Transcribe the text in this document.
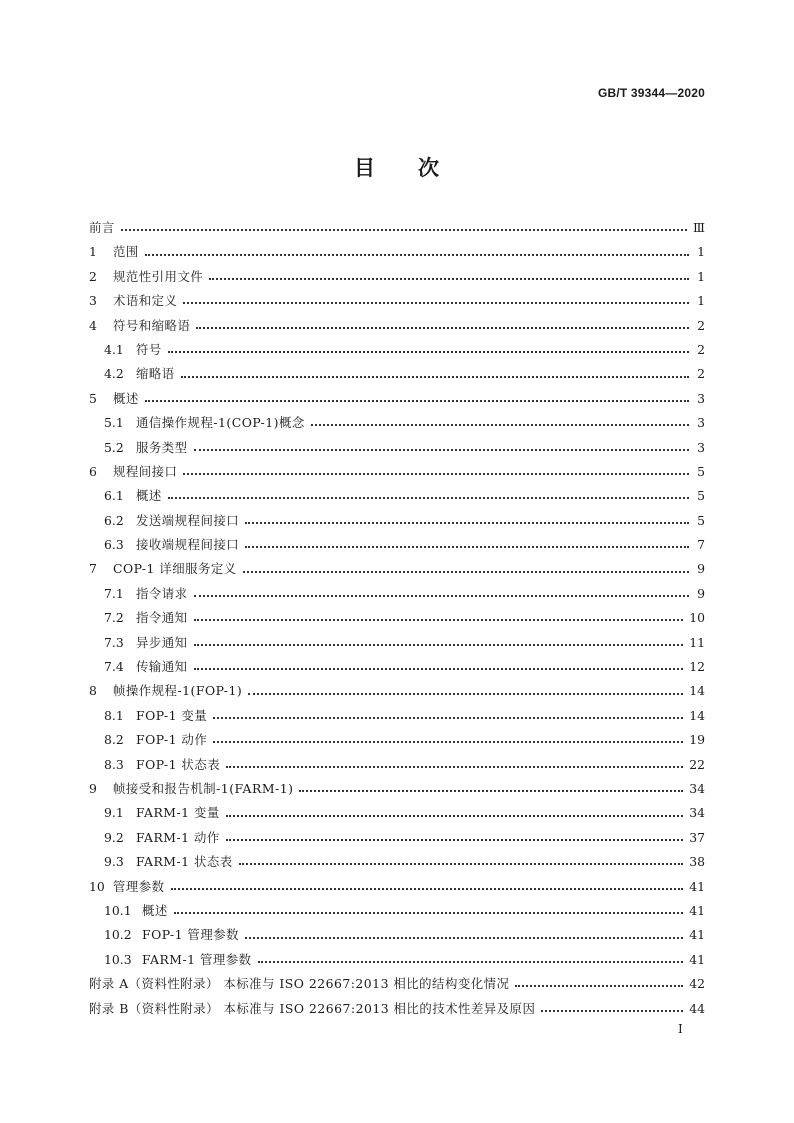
GB/T 39344—2020
目 次
前言	Ⅲ
1	范围	1
2	规范性引用文件	1
3	术语和定义	1
4	符号和缩略语	2
4.1 符号	2
4.2 缩略语	2
5	概述	3
5.1 通信操作规程-1(COP-1)概念	3
5.2 服务类型	3
6	规程间接口	5
6.1 概述	5
6.2 发送端规程间接口	5
6.3 接收端规程间接口	7
7	COP-1 详细服务定义	9
7.1 指令请求	9
7.2 指令通知	10
7.3 异步通知	11
7.4 传输通知	12
8	帧操作规程-1(FOP-1)	14
8.1 FOP-1 变量	14
8.2 FOP-1 动作	19
8.3 FOP-1 状态表	22
9	帧接受和报告机制-1(FARM-1)	34
9.1 FARM-1 变量	34
9.2 FARM-1 动作	37
9.3 FARM-1 状态表	38
10 管理参数	41
10.1 概述	41
10.2 FOP-1 管理参数	41
10.3 FARM-1 管理参数	41
附录 A（资料性附录） 本标准与 ISO 22667:2013 相比的结构变化情况	42
附录 B（资料性附录） 本标准与 ISO 22667:2013 相比的技术性差异及原因	44
I
